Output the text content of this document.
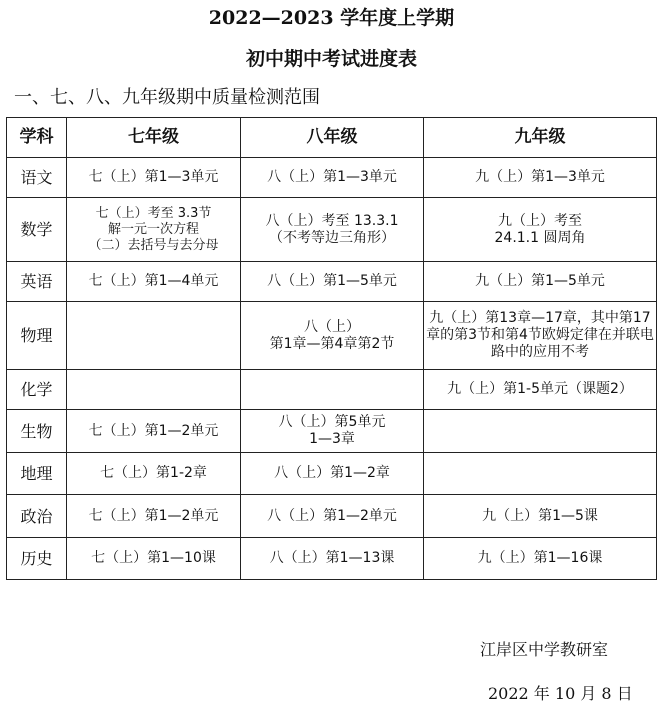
2022—2023 学年度上学期
初中期中考试进度表
一、七、八、九年级期中质量检测范围
学科	七年级	八年级	九年级
语文	七（上）第1—3单元	八（上）第1—3单元	九（上）第1—3单元

数学	七（上）考至 3.3节
解一元一次方程
（二）去括号与去分母	八（上）考至 13.3.1
（不考等边三角形）	九（上）考至
24.1.1 圆周角

英语	七（上）第1—4单元	八（上）第1—5单元	九（上）第1—5单元

物理		八（上）
第1章—第4章第2节	九（上）第13章—17章，其中第17章的第3节和第4节欧姆定律在并联电路中的应用不考
化学			九（上）第1-5单元（课题2）

生物	七（上）第1—2单元	八（上）第5单元
1—3章	

地理	七（上）第1-2章	八（上）第1—2章	

政治	七（上）第1—2单元	八（上）第1—2单元	九（上）第1—5课

历史	七（上）第1—10课	八（上）第1—13课	九（上）第1—16课
江岸区中学教研室
2022 年 10 月 8 日
